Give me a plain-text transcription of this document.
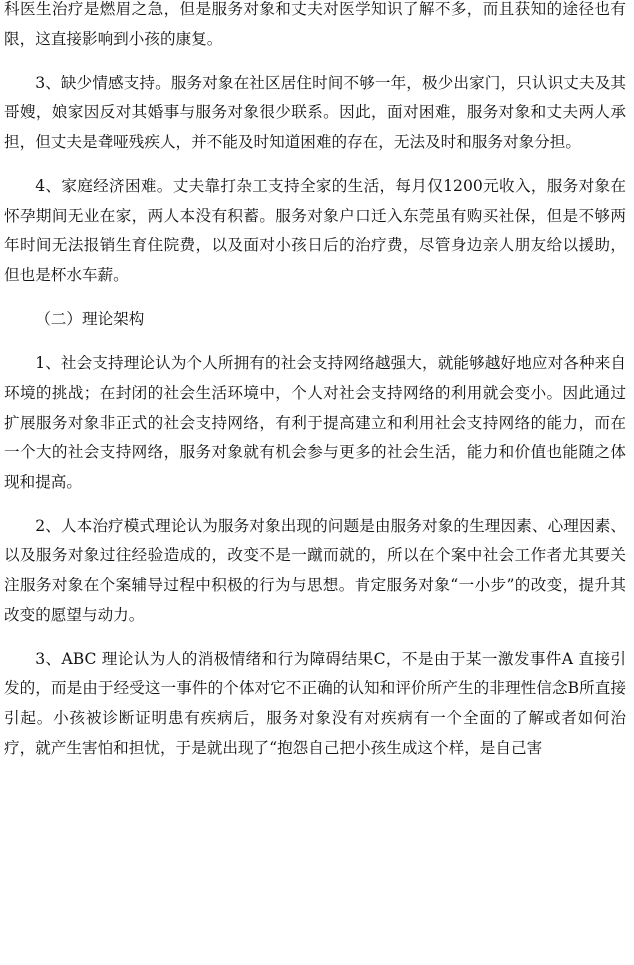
科医生治疗是燃眉之急，但是服务对象和丈夫对医学知识了解不多，而且获知的途径也有限，这直接影响到小孩的康复。

3、缺少情感支持。服务对象在社区居住时间不够一年，极少出家门，只认识丈夫及其哥嫂，娘家因反对其婚事与服务对象很少联系。因此，面对困难，服务对象和丈夫两人承担，但丈夫是聋哑残疾人，并不能及时知道困难的存在，无法及时和服务对象分担。

4、家庭经济困难。丈夫靠打杂工支持全家的生活，每月仅1200元收入，服务对象在怀孕期间无业在家，两人本没有积蓄。服务对象户口迁入东莞虽有购买社保，但是不够两年时间无法报销生育住院费，以及面对小孩日后的治疗费，尽管身边亲人朋友给以援助，但也是杯水车薪。

（二）理论架构

1、社会支持理论认为个人所拥有的社会支持网络越强大，就能够越好地应对各种来自环境的挑战；在封闭的社会生活环境中，个人对社会支持网络的利用就会变小。因此通过扩展服务对象非正式的社会支持网络，有利于提高建立和利用社会支持网络的能力，而在一个大的社会支持网络，服务对象就有机会参与更多的社会生活，能力和价值也能随之体现和提高。

2、人本治疗模式理论认为服务对象出现的问题是由服务对象的生理因素、心理因素、以及服务对象过往经验造成的，改变不是一蹴而就的，所以在个案中社会工作者尤其要关注服务对象在个案辅导过程中积极的行为与思想。肯定服务对象“一小步”的改变，提升其改变的愿望与动力。

3、ABC 理论认为人的消极情绪和行为障碍结果C，不是由于某一激发事件A 直接引发的，而是由于经受这一事件的个体对它不正确的认知和评价所产生的非理性信念B所直接引起。小孩被诊断证明患有疾病后，服务对象没有对疾病有一个全面的了解或者如何治疗，就产生害怕和担忧，于是就出现了“抱怨自己把小孩生成这个样，是自己害
